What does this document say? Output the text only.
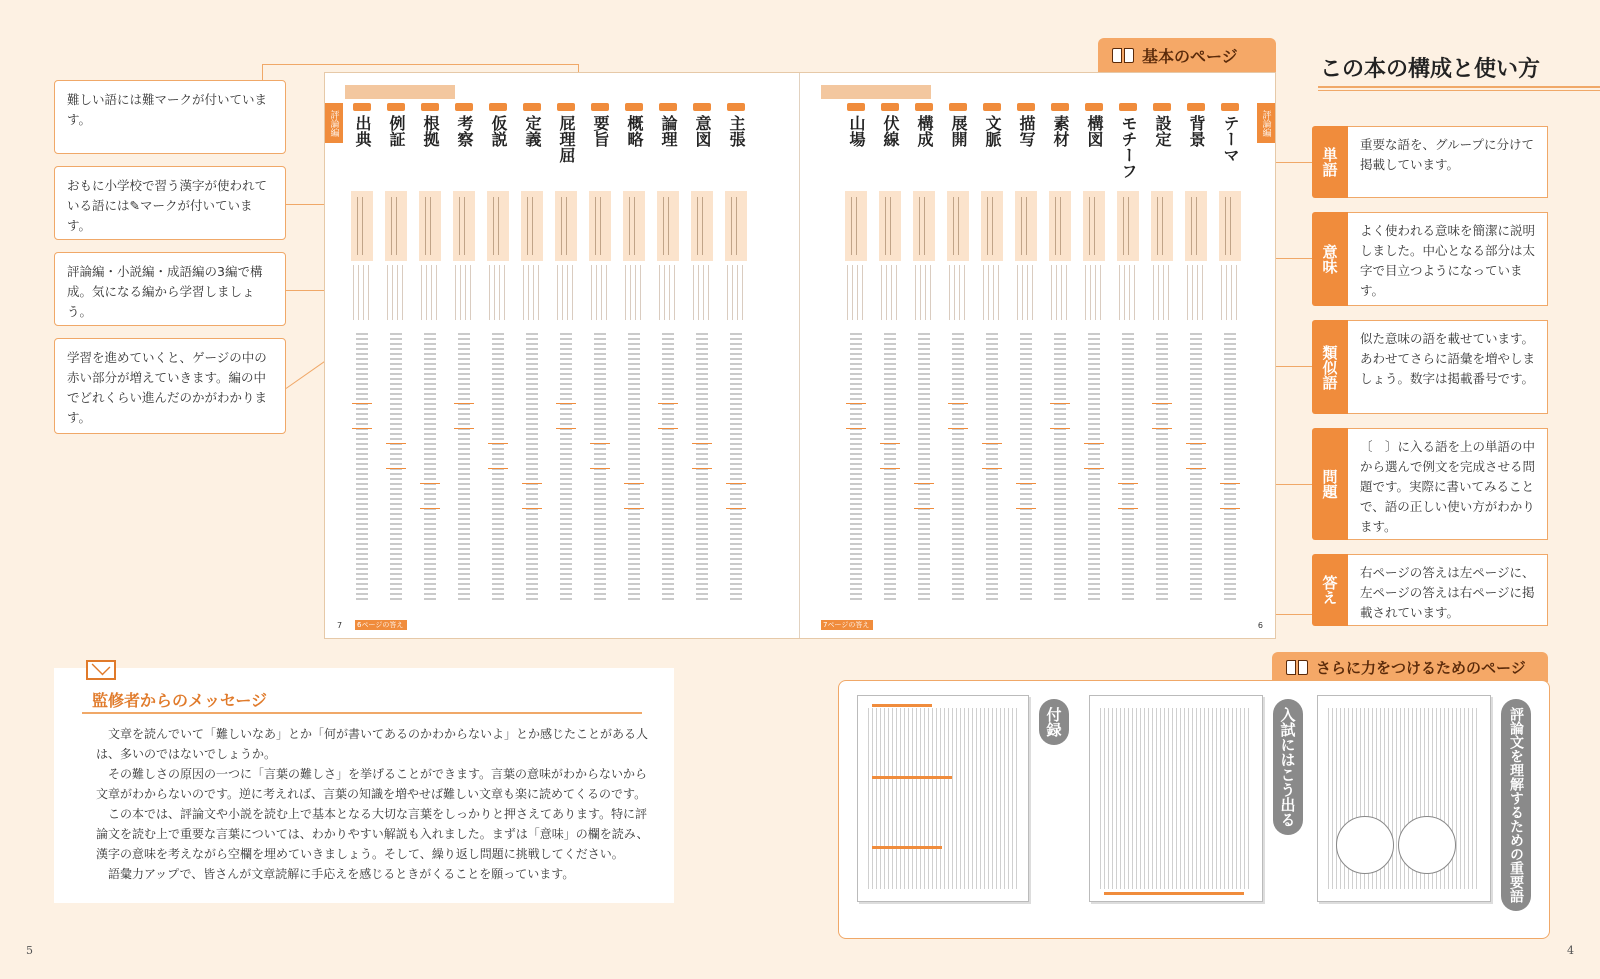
この本の構成と使い方
基本のページ
難しい語には難マークが付いています。
おもに小学校で習う漢字が使われている語には✎マークが付いています。
評論編・小説編・成語編の3編で構成。気になる編から学習しましょう。
学習を進めていくと、ゲージの中の赤い部分が増えていきます。編の中でどれくらい進んだのかがわかります。
単語
重要な語を、グループに分けて掲載しています。
意味
よく使われる意味を簡潔に説明しました。中心となる部分は太字で目立つようになっています。
類似語
似た意味の語を載せています。あわせてさらに語彙を増やしましょう。数字は掲載番号です。
問題
〔　〕に入る語を上の単語の中から選んで例文を完成させる問題です。実際に書いてみることで、語の正しい使い方がわかります。
答え
右ページの答えは左ページに、左ページの答えは右ページに掲載されています。
評論編 出典 例証 根拠 考察 仮説 定義 屁理屈 要旨 概略 論理 意図 主張
6ページの答え
7
評論編
山場 伏線 構成 展開 文脈 描写 素材 構図 モチーフ 設定 背景 テーマ
7ページの答え	6
監修者からのメッセージ

文章を読んでいて「難しいなあ」とか「何が書いてあるのかわからないよ」とか感じたことがある人は、多いのではないでしょうか。

その難しさの原因の一つに「言葉の難しさ」を挙げることができます。言葉の意味がわからないから文章がわからないのです。逆に考えれば、言葉の知識を増やせば難しい文章も楽に読めてくるのです。

この本では、評論文や小説を読む上で基本となる大切な言葉をしっかりと押さえてあります。特に評論文を読む上で重要な言葉については、わかりやすい解説も入れました。まずは「意味」の欄を読み、漢字の意味を考えながら空欄を埋めていきましょう。そして、繰り返し問題に挑戦してください。

語彙力アップで、皆さんが文章読解に手応えを感じるときがくることを願っています。

さらに力をつけるためのページ
付録	入試にはこう出る	評論文を理解するための重要語
5	4
